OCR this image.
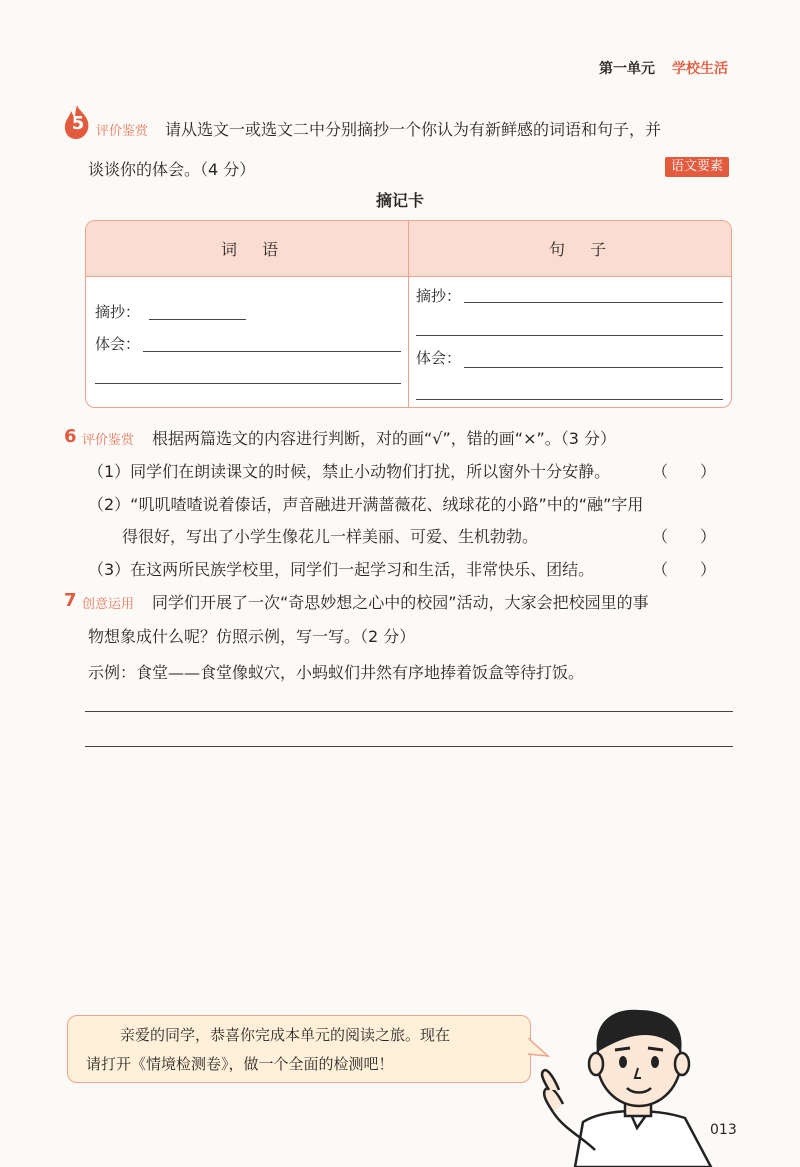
第一单元 学校生活
5 评价鉴赏 请从选文一或选文二中分别摘抄一个你认为有新鲜感的词语和句子，并
谈谈你的体会。（4 分）	语文要素
摘记卡
词 语	句 子
摘抄：
体会：
摘抄：
体会：
6 评价鉴赏 根据两篇选文的内容进行判断，对的画“√”，错的画“×”。（3 分）
（1）同学们在朗读课文的时候，禁止小动物们打扰，所以窗外十分安静。	（　　）
（2）“叽叽喳喳说着傣话，声音融进开满蔷薇花、绒球花的小路”中的“融”字用
得很好，写出了小学生像花儿一样美丽、可爱、生机勃勃。	（　　）
（3）在这两所民族学校里，同学们一起学习和生活，非常快乐、团结。	（　　）
7 创意运用 同学们开展了一次“奇思妙想之心中的校园”活动，大家会把校园里的事
物想象成什么呢？仿照示例，写一写。（2 分）
示例：食堂——食堂像蚁穴，小蚂蚁们井然有序地捧着饭盒等待打饭。
亲爱的同学，恭喜你完成本单元的阅读之旅。现在
请打开《情境检测卷》，做一个全面的检测吧！
013
